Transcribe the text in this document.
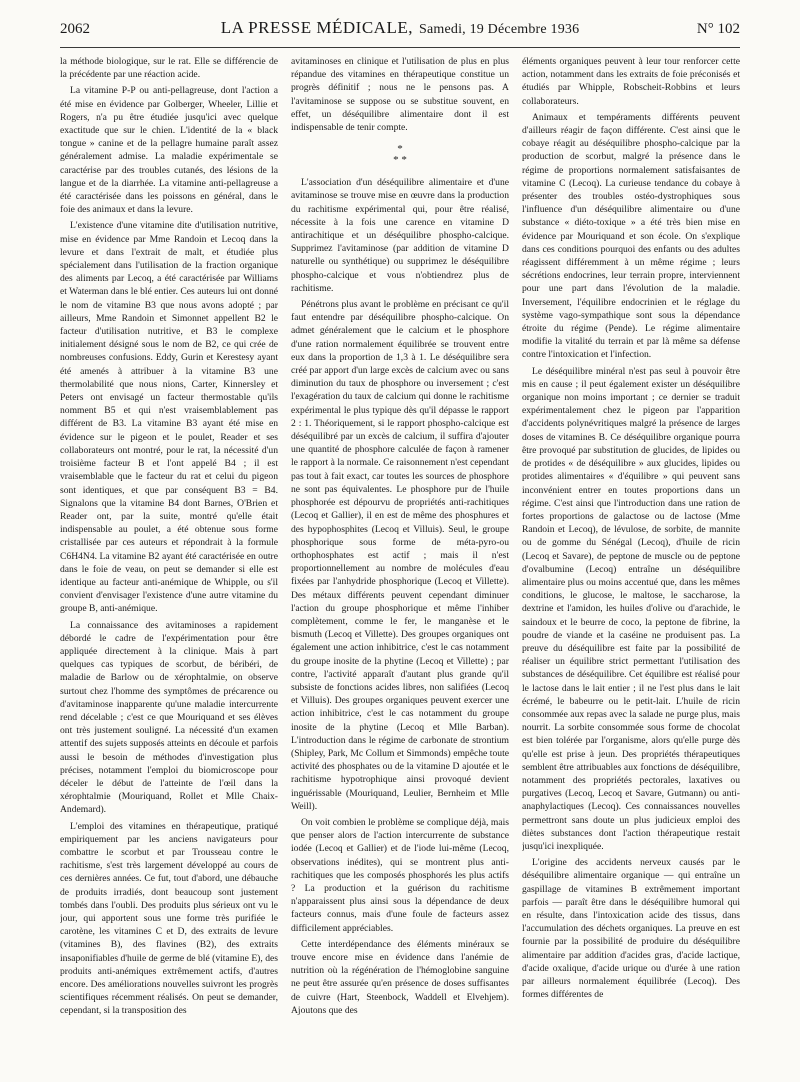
2062	LA PRESSE MÉDICALE, Samedi, 19 Décembre 1936	N° 102

la méthode biologique, sur le rat. Elle se différencie de la précédente par une réaction acide.

La vitamine P-P ou anti-pellagreuse, dont l'action a été mise en évidence par Golberger, Wheeler, Lillie et Rogers, n'a pu être étudiée jusqu'ici avec quelque exactitude que sur le chien. L'identité de la « black tongue » canine et de la pellagre humaine paraît assez généralement admise. La maladie expérimentale se caractérise par des troubles cutanés, des lésions de la langue et de la diarrhée. La vitamine anti-pellagreuse a été caractérisée dans les poissons en général, dans le foie des animaux et dans la levure.

L'existence d'une vitamine dite d'utilisation nutritive, mise en évidence par Mme Randoin et Lecoq dans la levure et dans l'extrait de malt, et étudiée plus spécialement dans l'utilisation de la fraction organique des aliments par Lecoq, a été caractérisée par Williams et Waterman dans le blé entier. Ces auteurs lui ont donné le nom de vitamine B3 que nous avons adopté ; par ailleurs, Mme Randoin et Simonnet appellent B2 le facteur d'utilisation nutritive, et B3 le complexe initialement désigné sous le nom de B2, ce qui crée de nombreuses confusions. Eddy, Gurin et Kerestesy ayant été amenés à attribuer à la vitamine B3 une thermolabilité que nous nions, Carter, Kinnersley et Peters ont envisagé un facteur thermostable qu'ils nomment B5 et qui n'est vraisemblablement pas différent de B3. La vitamine B3 ayant été mise en évidence sur le pigeon et le poulet, Reader et ses collaborateurs ont montré, pour le rat, la nécessité d'un troisième facteur B et l'ont appelé B4 ; il est vraisemblable que le facteur du rat et celui du pigeon sont identiques, et que par conséquent B3 = B4. Signalons que la vitamine B4 dont Barnes, O'Brien et Reader ont, par la suite, montré qu'elle était indispensable au poulet, a été obtenue sous forme cristallisée par ces auteurs et répondrait à la formule C6H4N4. La vitamine B2 ayant été caractérisée en outre dans le foie de veau, on peut se demander si elle est identique au facteur anti-anémique de Whipple, ou s'il convient d'envisager l'existence d'une autre vitamine du groupe B, anti-anémique.

La connaissance des avitaminoses a rapidement débordé le cadre de l'expérimentation pour être appliquée directement à la clinique. Mais à part quelques cas typiques de scorbut, de béribéri, de maladie de Barlow ou de xérophtalmie, on observe surtout chez l'homme des symptômes de précarence ou d'avitaminose inapparente qu'une maladie intercurrente rend décelable ; c'est ce que Mouriquand et ses élèves ont très justement souligné. La nécessité d'un examen attentif des sujets supposés atteints en découle et parfois aussi le besoin de méthodes d'investigation plus précises, notamment l'emploi du biomicroscope pour déceler le début de l'atteinte de l'œil dans la xérophtalmie (Mouriquand, Rollet et Mlle Chaix-Andemard).

L'emploi des vitamines en thérapeutique, pratiqué empiriquement par les anciens navigateurs pour combattre le scorbut et par Trousseau contre le rachitisme, s'est très largement développé au cours de ces dernières années. Ce fut, tout d'abord, une débauche de produits irradiés, dont beaucoup sont justement tombés dans l'oubli. Des produits plus sérieux ont vu le jour, qui apportent sous une forme très purifiée le carotène, les vitamines C et D, des extraits de levure (vitamines B), des flavines (B2), des extraits insaponifiables d'huile de germe de blé (vitamine E), des produits anti-anémiques extrêmement actifs, d'autres encore. Des améliorations nouvelles suivront les progrès scientifiques récemment réalisés. On peut se demander, cependant, si la transposition des

avitaminoses en clinique et l'utilisation de plus en plus répandue des vitamines en thérapeutique constitue un progrès définitif ; nous ne le pensons pas. A l'avitaminose se suppose ou se substitue souvent, en effet, un déséquilibre alimentaire dont il est indispensable de tenir compte.

*
* *

L'association d'un déséquilibre alimentaire et d'une avitaminose se trouve mise en œuvre dans la production du rachitisme expérimental qui, pour être réalisé, nécessite à la fois une carence en vitamine D antirachitique et un déséquilibre phospho-calcique. Supprimez l'avitaminose (par addition de vitamine D naturelle ou synthétique) ou supprimez le déséquilibre phospho-calcique et vous n'obtiendrez plus de rachitisme.

Pénétrons plus avant le problème en précisant ce qu'il faut entendre par déséquilibre phospho-calcique. On admet généralement que le calcium et le phosphore d'une ration normalement équilibrée se trouvent entre eux dans la proportion de 1,3 à 1. Le déséquilibre sera créé par apport d'un large excès de calcium avec ou sans diminution du taux de phosphore ou inversement ; c'est l'exagération du taux de calcium qui donne le rachitisme expérimental le plus typique dès qu'il dépasse le rapport 2 : 1. Théoriquement, si le rapport phospho-calcique est déséquilibré par un excès de calcium, il suffira d'ajouter une quantité de phosphore calculée de façon à ramener le rapport à la normale. Ce raisonnement n'est cependant pas tout à fait exact, car toutes les sources de phosphore ne sont pas équivalentes. Le phosphore pur de l'huile phosphorée est dépourvu de propriétés anti-rachitiques (Lecoq et Gallier), il en est de même des phosphures et des hypophosphites (Lecoq et Villuis). Seul, le groupe phosphorique sous forme de méta-pyro-ou orthophosphates est actif ; mais il n'est proportionnellement au nombre de molécules d'eau fixées par l'anhydride phosphorique (Lecoq et Villette). Des métaux différents peuvent cependant diminuer l'action du groupe phosphorique et même l'inhiber complètement, comme le fer, le manganèse et le bismuth (Lecoq et Villette). Des groupes organiques ont également une action inhibitrice, c'est le cas notamment du groupe inosite de la phytine (Lecoq et Villette) ; par contre, l'activité apparaît d'autant plus grande qu'il subsiste de fonctions acides libres, non salifiées (Lecoq et Villuis). Des groupes organiques peuvent exercer une action inhibitrice, c'est le cas notamment du groupe inosite de la phytine (Lecoq et Mlle Barban). L'introduction dans le régime de carbonate de strontium (Shipley, Park, Mc Collum et Simmonds) empêche toute activité des phosphates ou de la vitamine D ajoutée et le rachitisme hypotrophique ainsi provoqué devient inguérissable (Mouriquand, Leulier, Bernheim et Mlle Weill).

On voit combien le problème se complique déjà, mais que penser alors de l'action intercurrente de substance iodée (Lecoq et Gallier) et de l'iode lui-même (Lecoq, observations inédites), qui se montrent plus anti-rachitiques que les composés phosphorés les plus actifs ? La production et la guérison du rachitisme n'apparaissent plus ainsi sous la dépendance de deux facteurs connus, mais d'une foule de facteurs assez difficilement appréciables.

Cette interdépendance des éléments minéraux se trouve encore mise en évidence dans l'anémie de nutrition où la régénération de l'hémoglobine sanguine ne peut être assurée qu'en présence de doses suffisantes de cuivre (Hart, Steenbock, Waddell et Elvehjem). Ajoutons que des

éléments organiques peuvent à leur tour renforcer cette action, notamment dans les extraits de foie préconisés et étudiés par Whipple, Robscheit-Robbins et leurs collaborateurs.

Animaux et tempéraments différents peuvent d'ailleurs réagir de façon différente. C'est ainsi que le cobaye réagit au déséquilibre phospho-calcique par la production de scorbut, malgré la présence dans le régime de proportions normalement satisfaisantes de vitamine C (Lecoq). La curieuse tendance du cobaye à présenter des troubles ostéo-dystrophiques sous l'influence d'un déséquilibre alimentaire ou d'une substance « diéto-toxique » a été très bien mise en évidence par Mouriquand et son école. On s'explique dans ces conditions pourquoi des enfants ou des adultes réagissent différemment à un même régime ; leurs sécrétions endocrines, leur terrain propre, interviennent pour une part dans l'évolution de la maladie. Inversement, l'équilibre endocrinien et le réglage du système vago-sympathique sont sous la dépendance étroite du régime (Pende). Le régime alimentaire modifie la vitalité du terrain et par là même sa défense contre l'intoxication et l'infection.

Le déséquilibre minéral n'est pas seul à pouvoir être mis en cause ; il peut également exister un déséquilibre organique non moins important ; ce dernier se traduit expérimentalement chez le pigeon par l'apparition d'accidents polynévritiques malgré la présence de larges doses de vitamines B. Ce déséquilibre organique pourra être provoqué par substitution de glucides, de lipides ou de protides « de déséquilibre » aux glucides, lipides ou protides alimentaires « d'équilibre » qui peuvent sans inconvénient entrer en toutes proportions dans un régime. C'est ainsi que l'introduction dans une ration de fortes proportions de galactose ou de lactose (Mme Randoin et Lecoq), de lévulose, de sorbite, de mannite ou de gomme du Sénégal (Lecoq), d'huile de ricin (Lecoq et Savare), de peptone de muscle ou de peptone d'ovalbumine (Lecoq) entraîne un déséquilibre alimentaire plus ou moins accentué que, dans les mêmes conditions, le glucose, le maltose, le saccharose, la dextrine et l'amidon, les huiles d'olive ou d'arachide, le saindoux et le beurre de coco, la peptone de fibrine, la poudre de viande et la caséine ne produisent pas. La preuve du déséquilibre est faite par la possibilité de réaliser un équilibre strict permettant l'utilisation des substances de déséquilibre. Cet équilibre est réalisé pour le lactose dans le lait entier ; il ne l'est plus dans le lait écrémé, le babeurre ou le petit-lait. L'huile de ricin consommée aux repas avec la salade ne purge plus, mais nourrit. La sorbite consommée sous forme de chocolat est bien tolérée par l'organisme, alors qu'elle purge dès qu'elle est prise à jeun. Des propriétés thérapeutiques semblent être attribuables aux fonctions de déséquilibre, notamment des propriétés pectorales, laxatives ou purgatives (Lecoq, Lecoq et Savare, Gutmann) ou anti-anaphylactiques (Lecoq). Ces connaissances nouvelles permettront sans doute un plus judicieux emploi des diètes substances dont l'action thérapeutique restait jusqu'ici inexpliquée.

L'origine des accidents nerveux causés par le déséquilibre alimentaire organique — qui entraîne un gaspillage de vitamines B extrêmement important parfois — paraît être dans le déséquilibre humoral qui en résulte, dans l'intoxication acide des tissus, dans l'accumulation des déchets organiques. La preuve en est fournie par la possibilité de produire du déséquilibre alimentaire par addition d'acides gras, d'acide lactique, d'acide oxalique, d'acide urique ou d'urée à une ration par ailleurs normalement équilibrée (Lecoq). Des formes différentes de
